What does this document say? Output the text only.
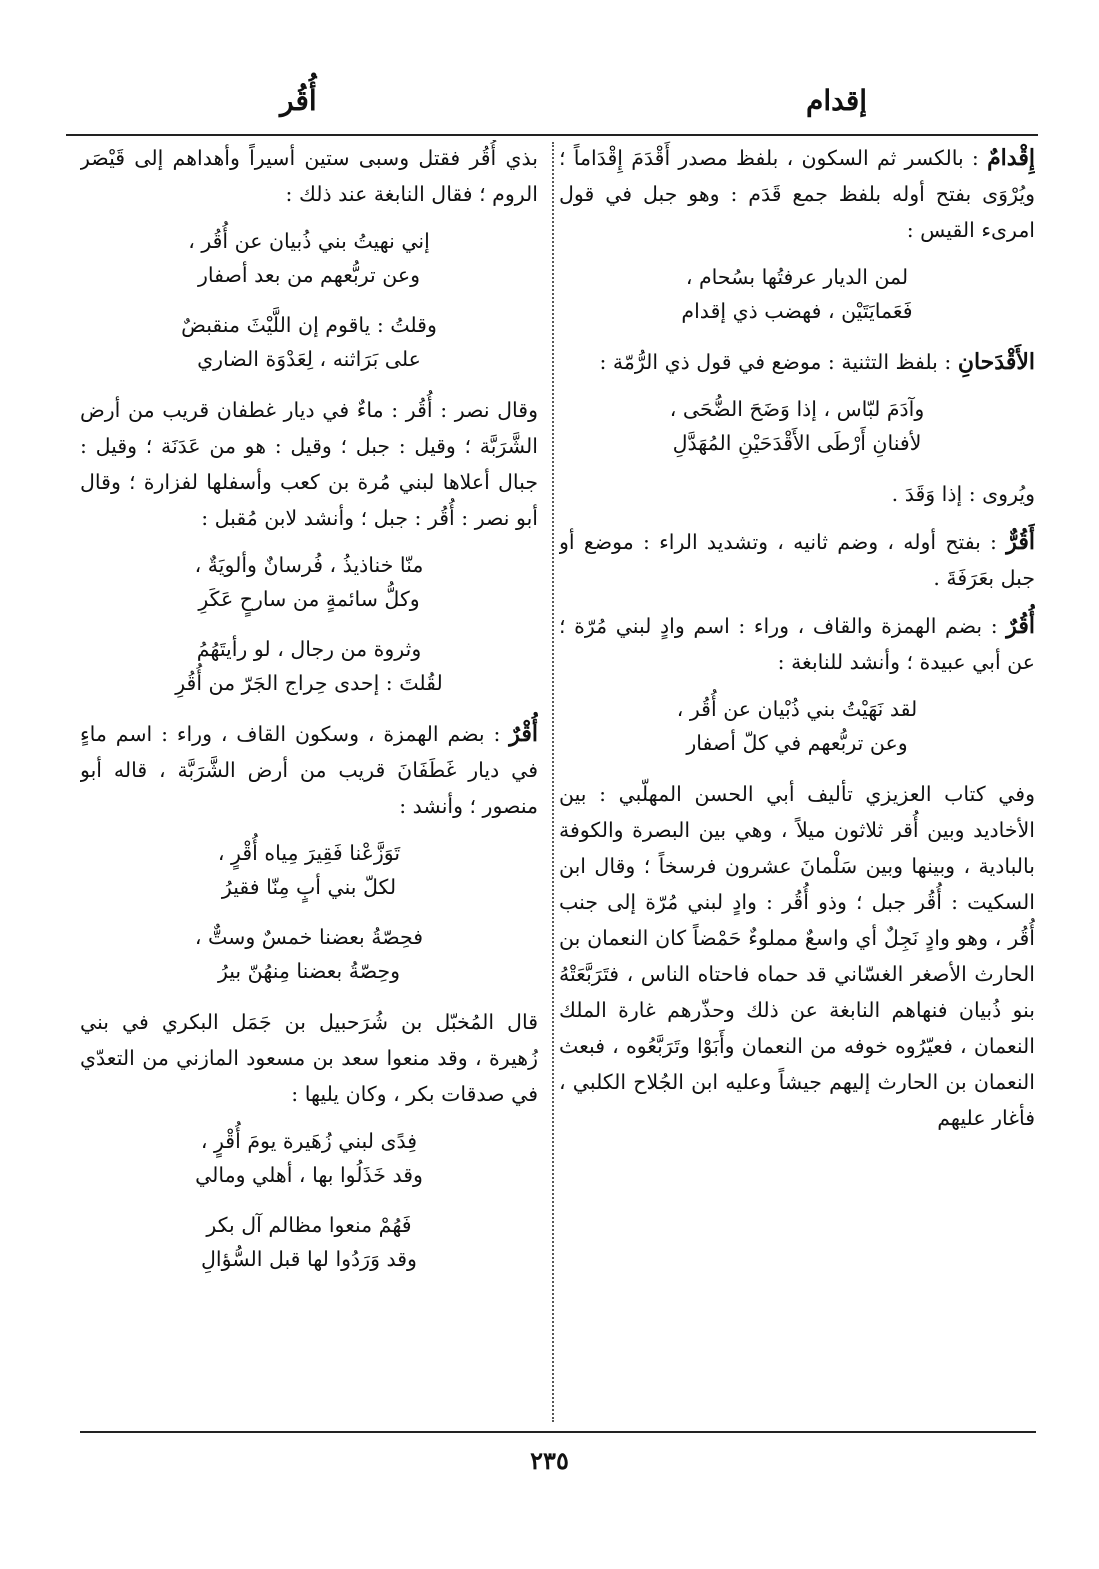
إقدام
أُقُر

إِقْدامٌ : بالكسر ثم السكون ، بلفظ مصدر أَقْدَمَ إِقْدَاماً ؛ ويُرْوَى بفتح أوله بلفظ جمع قَدَم : وهو جبل في قول امرىء القيس :

لمن الديار عرفتُها بسُحام ،
فَعَمايَتَيْن ، فهضب ذي إقدام

الأَقْدَحانِ : بلفظ التثنية : موضع في قول ذي الرُّمّة :

وآدَمَ لبّاس ، إذا وَضَحَ الضُّحَى ،
لأفنانِ أَرْطَى الأَقْدَحَيْنِ المُهَدَّلِ

ويُروى : إذا وَقَدَ .

أَقُرٌّ : بفتح أوله ، وضم ثانيه ، وتشديد الراء : موضع أو جبل بعَرَفَةَ .

أُقُرٌ : بضم الهمزة والقاف ، وراء : اسم وادٍ لبني مُرّة ؛ عن أبي عبيدة ؛ وأنشد للنابغة :

لقد نَهَيْتُ بني ذُبْيان عن أُقُر ،
وعن تربُّعهم في كلّ أصفار

وفي كتاب العزيزي تأليف أبي الحسن المهلّبي : بين الأخاديد وبين أُقر ثلاثون ميلاً ، وهي بين البصرة والكوفة بالبادية ، وبينها وبين سَلْمانَ عشرون فرسخاً ؛ وقال ابن السكيت : أُقُر جبل ؛ وذو أُقُر : وادٍ لبني مُرّة إلى جنب أُقُر ، وهو وادٍ نَجِلٌ أي واسعٌ مملوءٌ حَمْضاً كان النعمان بن الحارث الأصغر الغسّاني قد حماه فاحتاه الناس ، فتَرَبَّعَتْهُ بنو ذُبيان فنهاهم النابغة عن ذلك وحذّرهم غارة الملك النعمان ، فعيّرُوه خوفه من النعمان وأَبَوْا وتَرَبَّعُوه ، فبعث النعمان بن الحارث إليهم جيشاً وعليه ابن الجُلاح الكلبي ، فأغار عليهم

بذي أُقُر فقتل وسبى ستين أسيراً وأهداهم إلى قَيْصَر الروم ؛ فقال النابغة عند ذلك :

إني نهيتُ بني ذُبيان عن أُقُر ،
وعن تربُّعهم من بعد أصفار
وقلتُ : ياقوم إن اللَّيْثَ منقبضٌ
على بَرَاثنه ، لِعَدْوَة الضاري

وقال نصر : أُقُر : ماءٌ في ديار غطفان قريب من أرض الشَّرَبَّة ؛ وقيل : جبل ؛ وقيل : هو من عَدَنَة ؛ وقيل : جبال أعلاها لبني مُرة بن كعب وأسفلها لفزارة ؛ وقال أبو نصر : أُقُر : جبل ؛ وأنشد لابن مُقبل :

منّا خناذيذُ ، فُرسانٌ وألويَةٌ ،
وكلُّ سائمةٍ من سارحٍ عَكَرِ
وثروة من رجال ، لو رأيتَهُمُ
لقُلتَ : إحدى حِراج الجَرّ من أُقُرِ

أُقْرٌ : بضم الهمزة ، وسكون القاف ، وراء : اسم ماءٍ في ديار غَطَفَانَ قريب من أرض الشَّرَبَّة ، قاله أبو منصور ؛ وأنشد :

تَوَزَّعْنا فَقِيرَ مِياه أُقْرٍ ،
لكلّ بني أبٍ مِنّا فقيرُ
فحِصّةُ بعضنا خمسٌ وستٌّ ،
وحِصّةُ بعضنا مِنهُنّ بيرُ

قال المُخبّل بن شُرَحبيل بن جَمَل البكري في بني زُهيرة ، وقد منعوا سعد بن مسعود المازني من التعدّي في صدقات بكر ، وكان يليها :

فِدًى لبني زُهَيرة يومَ أُقْرٍ ،
وقد خَذَلُوا بها ، أهلي ومالي
فَهُمْ منعوا مظالم آل بكر
وقد وَرَدُوا لها قبل السُّؤالِ
٢٣٥
